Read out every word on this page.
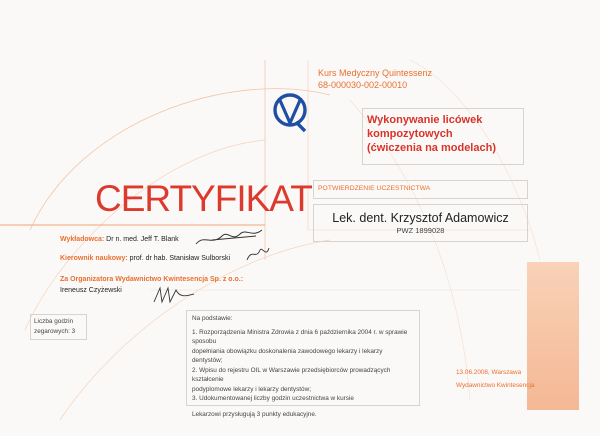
Kurs Medyczny Quintessenz
68-000030-002-00010
Wykonywanie licówek
kompozytowych
(ćwiczenia na modelach)
CERTYFIKAT POTWIERDZENIE UCZESTNICTWA
Lek. dent. Krzysztof Adamowicz
PWZ 1899028
Wykładowca: Dr n. med. Jeff T. Blank
Kierownik naukowy: prof. dr hab. Stanisław Sulborski
Za Organizatora Wydawnictwo Kwintesencja Sp. z o.o.:
Ireneusz Czyżewski
Liczba godzin
zegarowych: 3
Na podstawie:
1. Rozporządzenia Ministra Zdrowia z dnia 6 października 2004 r. w sprawie sposobu
dopełniania obowiązku doskonalenia zawodowego lekarzy i lekarzy dentystów;
2. Wpisu do rejestru OIL w Warszawie przedsiębiorców prowadzących kształcenie
podyplomowe lekarzy i lekarzy dentystów;
3. Udokumentowanej liczby godzin uczestnictwa w kursie
Lekarzowi przysługują 3 punkty edukacyjne.
13.06.2008, Warszawa
Wydawnictwo Kwintesencja
